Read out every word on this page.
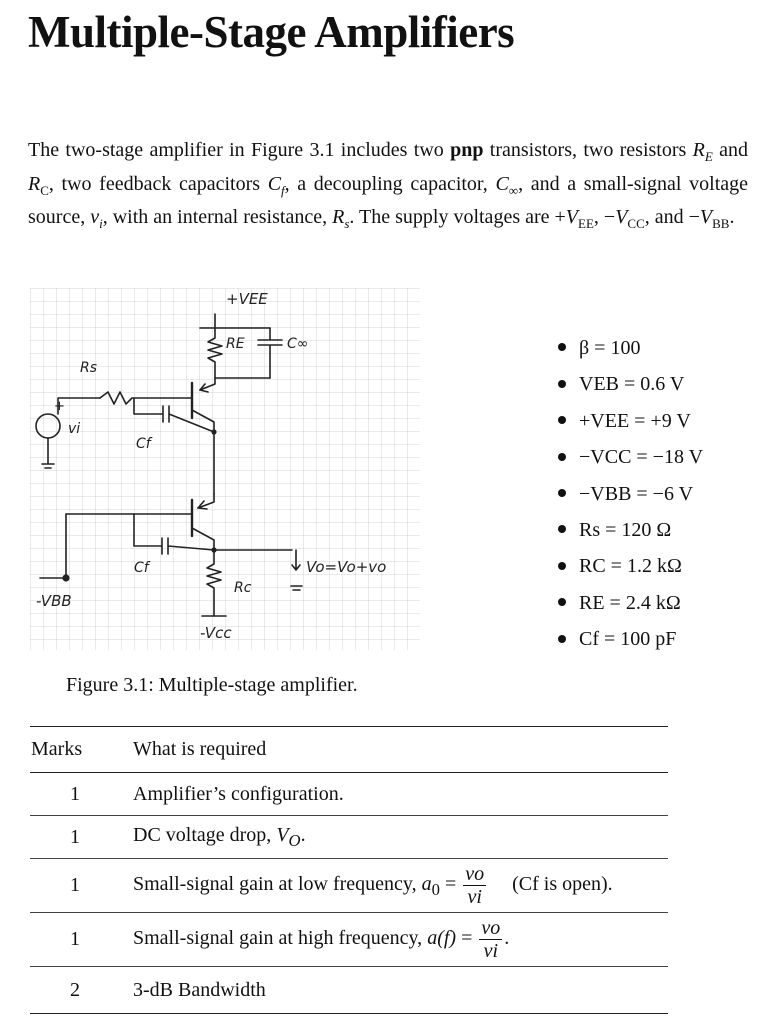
Multiple-Stage Amplifiers

The two-stage amplifier in Figure 3.1 includes two pnp transistors, two resistors $R_E$ and $R_C$, two feedback capacitors $C_f$, a decoupling capacitor, $C_\infty$, and a small-signal voltage source, $v_i$, with an internal resistance, $R_s$. The supply voltages are $+V_{EE}$, $-V_{CC}$, and $-V_{BB}$.

+VEE
RE	C∞
Rs
+
vi
Cf
Cf
Rc
-VBB
-Vcc
Vo=Vo+vo
β = 100
VEB = 0.6 V
+VEE = +9 V
−VCC = −18 V
−VBB = −6 V
Rs = 120 Ω
RC = 1.2 kΩ
RE = 2.4 kΩ
Cf = 100 pF

Figure 3.1: Multiple-stage amplifier.

Marks	What is required
1	Amplifier’s configuration.
1	DC voltage drop, $V_O$.
1	Small-signal gain at low frequency, $a_0 = \frac{vo}{vi} (Cf$ is open).
1	Small-signal gain at high frequency, $a(f) = \frac{vo}{vi}$ .
2	3-dB Bandwidth
